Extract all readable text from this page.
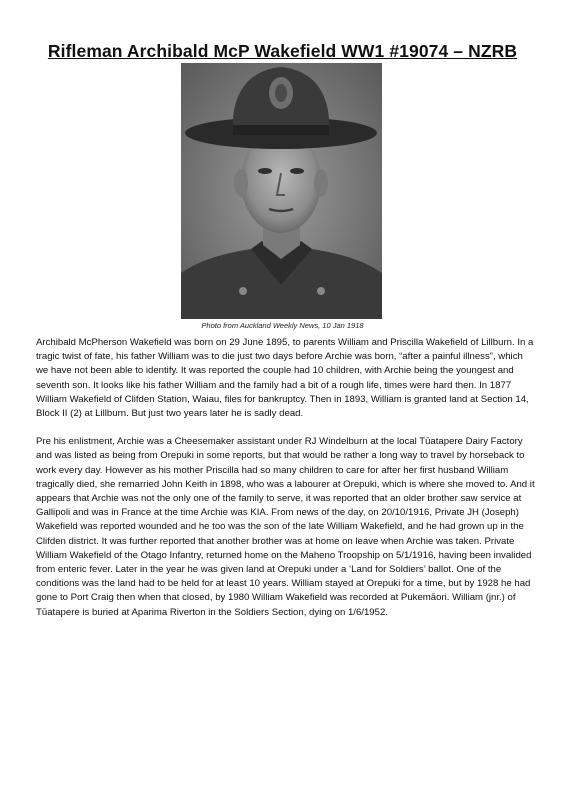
Rifleman Archibald McP Wakefield WW1 #19074 – NZRB
Photo from Auckland Weekly News, 10 Jan 1918

Archibald McPherson Wakefield was born on 29 June 1895, to parents William and Priscilla Wakefield of Lillburn. In a tragic twist of fate, his father William was to die just two days before Archie was born, “after a painful illness”, which we have not been able to identify. It was reported the couple had 10 children, with Archie being the youngest and seventh son. It looks like his father William and the family had a bit of a rough life, times were hard then. In 1877 William Wakefield of Clifden Station, Waiau, files for bankruptcy. Then in 1893, William is granted land at Section 14, Block II (2) at Lillburn. But just two years later he is sadly dead.

Pre his enlistment, Archie was a Cheesemaker assistant under RJ Windelburn at the local Tūatapere Dairy Factory and was listed as being from Orepuki in some reports, but that would be rather a long way to travel by horseback to work every day. However as his mother Priscilla had so many children to care for after her first husband William tragically died, she remarried John Keith in 1898, who was a labourer at Orepuki, which is where she moved to. And it appears that Archie was not the only one of the family to serve, it was reported that an older brother saw service at Gallipoli and was in France at the time Archie was KIA. From news of the day, on 20/10/1916, Private JH (Joseph) Wakefield was reported wounded and he too was the son of the late William Wakefield, and he had grown up in the Clifden district. It was further reported that another brother was at home on leave when Archie was taken. Private William Wakefield of the Otago Infantry, returned home on the Maheno Troopship on 5/1/1916, having been invalided from enteric fever. Later in the year he was given land at Orepuki under a ‘Land for Soldiers’ ballot. One of the conditions was the land had to be held for at least 10 years. William stayed at Orepuki for a time, but by 1928 he had gone to Port Craig then when that closed, by 1980 William Wakefield was recorded at Pukemāori. William (jnr.) of Tūatapere is buried at Aparima Riverton in the Soldiers Section, dying on 1/6/1952.
